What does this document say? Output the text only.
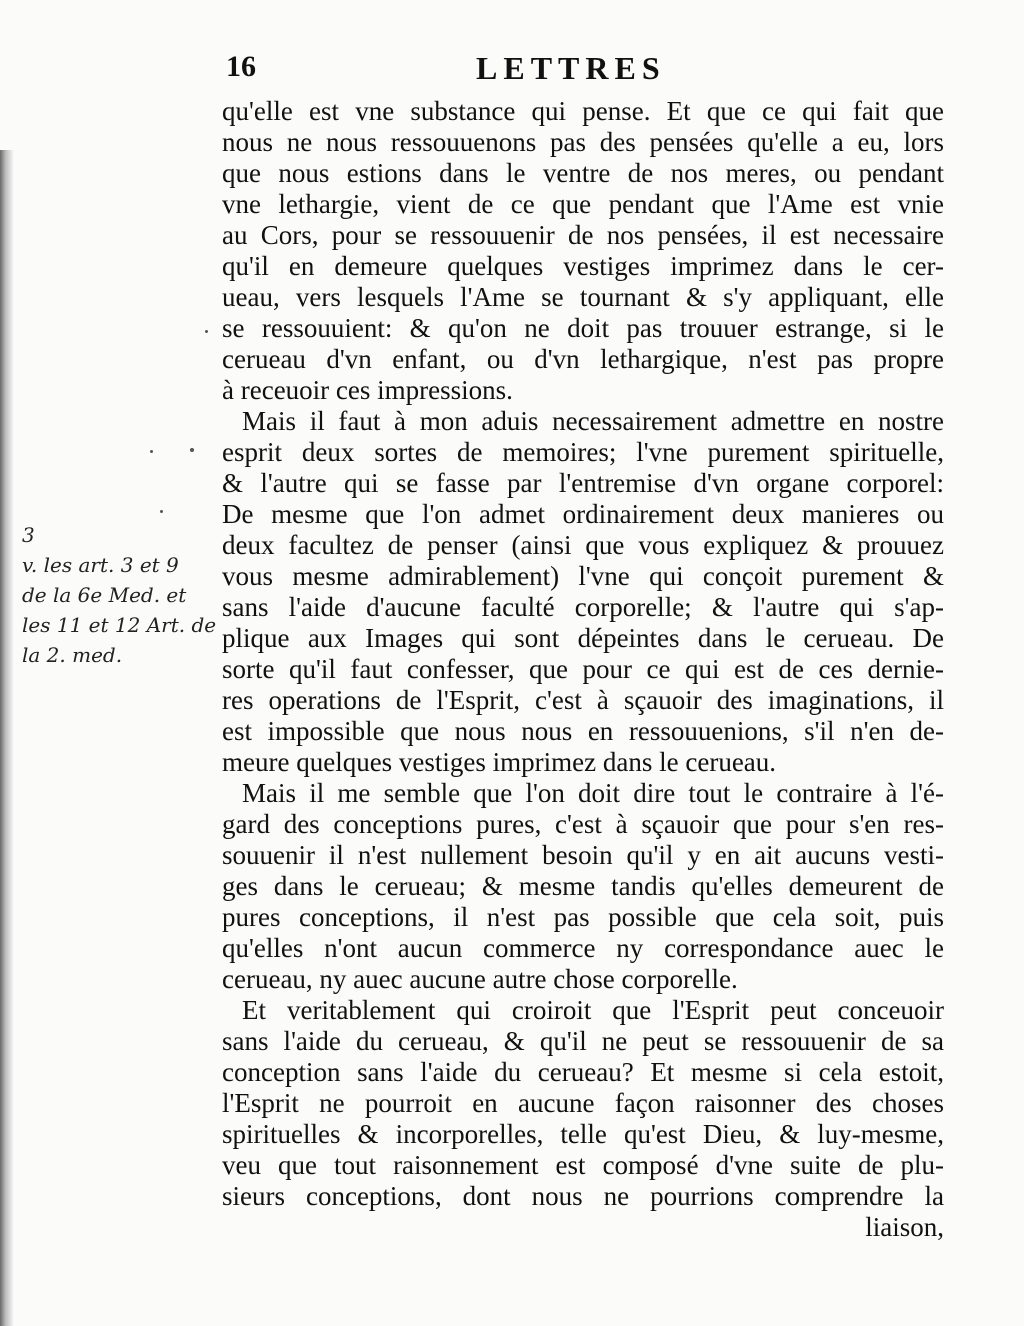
16	LETTRES
3
v. les art. 3 et 9
de la 6e Med. et
les 11 et 12 Art. de
la 2. med.
qu'elle est vne substance qui pense. Et que ce qui fait que
nous ne nous ressouuenons pas des pensées qu'elle a eu, lors
que nous estions dans le ventre de nos meres, ou pendant
vne lethargie, vient de ce que pendant que l'Ame est vnie
au Cors, pour se ressouuenir de nos pensées, il est necessaire
qu'il en demeure quelques vestiges imprimez dans le cer-
ueau, vers lesquels l'Ame se tournant & s'y appliquant, elle
se ressouuient: & qu'on ne doit pas trouuer estrange, si le
cerueau d'vn enfant, ou d'vn lethargique, n'est pas propre
à receuoir ces impressions.
Mais il faut à mon aduis necessairement admettre en nostre
esprit deux sortes de memoires; l'vne purement spirituelle,
& l'autre qui se fasse par l'entremise d'vn organe corporel:
De mesme que l'on admet ordinairement deux manieres ou
deux facultez de penser (ainsi que vous expliquez & prouuez
vous mesme admirablement) l'vne qui conçoit purement &
sans l'aide d'aucune faculté corporelle; & l'autre qui s'ap-
plique aux Images qui sont dépeintes dans le cerueau. De
sorte qu'il faut confesser, que pour ce qui est de ces dernie-
res operations de l'Esprit, c'est à sçauoir des imaginations, il
est impossible que nous nous en ressouuenions, s'il n'en de-
meure quelques vestiges imprimez dans le cerueau.
Mais il me semble que l'on doit dire tout le contraire à l'é-
gard des conceptions pures, c'est à sçauoir que pour s'en res-
souuenir il n'est nullement besoin qu'il y en ait aucuns vesti-
ges dans le cerueau; & mesme tandis qu'elles demeurent de
pures conceptions, il n'est pas possible que cela soit, puis
qu'elles n'ont aucun commerce ny correspondance auec le
cerueau, ny auec aucune autre chose corporelle.
Et veritablement qui croiroit que l'Esprit peut conceuoir
sans l'aide du cerueau, & qu'il ne peut se ressouuenir de sa
conception sans l'aide du cerueau? Et mesme si cela estoit,
l'Esprit ne pourroit en aucune façon raisonner des choses
spirituelles & incorporelles, telle qu'est Dieu, & luy-mesme,
veu que tout raisonnement est composé d'vne suite de plu-
sieurs conceptions, dont nous ne pourrions comprendre la
liaison,
